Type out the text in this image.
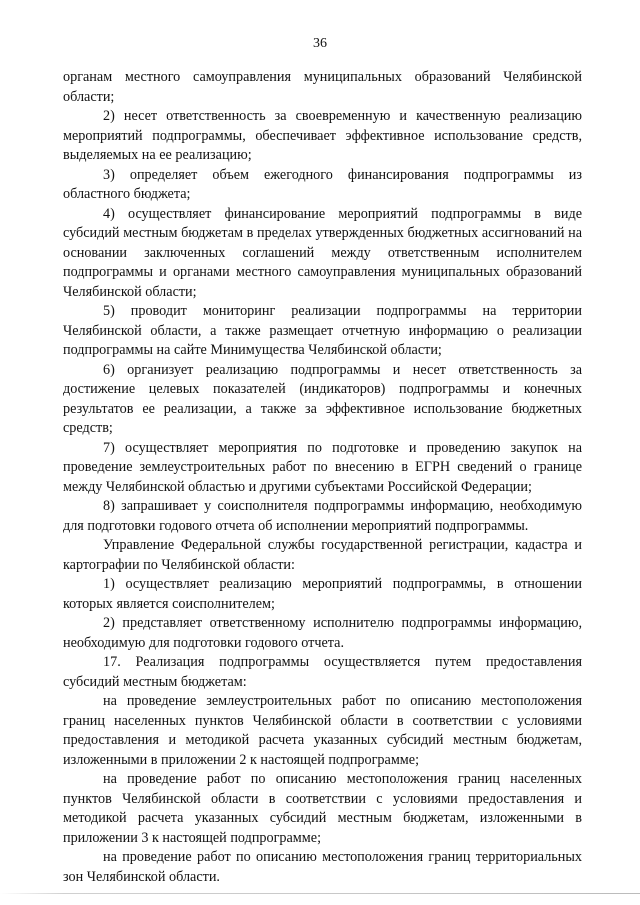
36

органам местного самоуправления муниципальных образований Челябинской области;

2) несет ответственность за своевременную и качественную реализацию мероприятий подпрограммы, обеспечивает эффективное использование средств, выделяемых на ее реализацию;

3) определяет объем ежегодного финансирования подпрограммы из областного бюджета;

4) осуществляет финансирование мероприятий подпрограммы в виде субсидий местным бюджетам в пределах утвержденных бюджетных ассигнований на основании заключенных соглашений между ответственным исполнителем подпрограммы и органами местного самоуправления муниципальных образований Челябинской области;

5) проводит мониторинг реализации подпрограммы на территории Челябинской области, а также размещает отчетную информацию о реализации подпрограммы на сайте Минимущества Челябинской области;

6) организует реализацию подпрограммы и несет ответственность за достижение целевых показателей (индикаторов) подпрограммы и конечных результатов ее реализации, а также за эффективное использование бюджетных средств;

7) осуществляет мероприятия по подготовке и проведению закупок на проведение землеустроительных работ по внесению в ЕГРН сведений о границе между Челябинской областью и другими субъектами Российской Федерации;

8) запрашивает у соисполнителя подпрограммы информацию, необходимую для подготовки годового отчета об исполнении мероприятий подпрограммы.

Управление Федеральной службы государственной регистрации, кадастра и картографии по Челябинской области:

1) осуществляет реализацию мероприятий подпрограммы, в отношении которых является соисполнителем;

2) представляет ответственному исполнителю подпрограммы информацию, необходимую для подготовки годового отчета.

17. Реализация подпрограммы осуществляется путем предоставления субсидий местным бюджетам:

на проведение землеустроительных работ по описанию местоположения границ населенных пунктов Челябинской области в соответствии с условиями предоставления и методикой расчета указанных субсидий местным бюджетам, изложенными в приложении 2 к настоящей подпрограмме;

на проведение работ по описанию местоположения границ населенных пунктов Челябинской области в соответствии с условиями предоставления и методикой расчета указанных субсидий местным бюджетам, изложенными в приложении 3 к настоящей подпрограмме;

на проведение работ по описанию местоположения границ территориальных зон Челябинской области.
